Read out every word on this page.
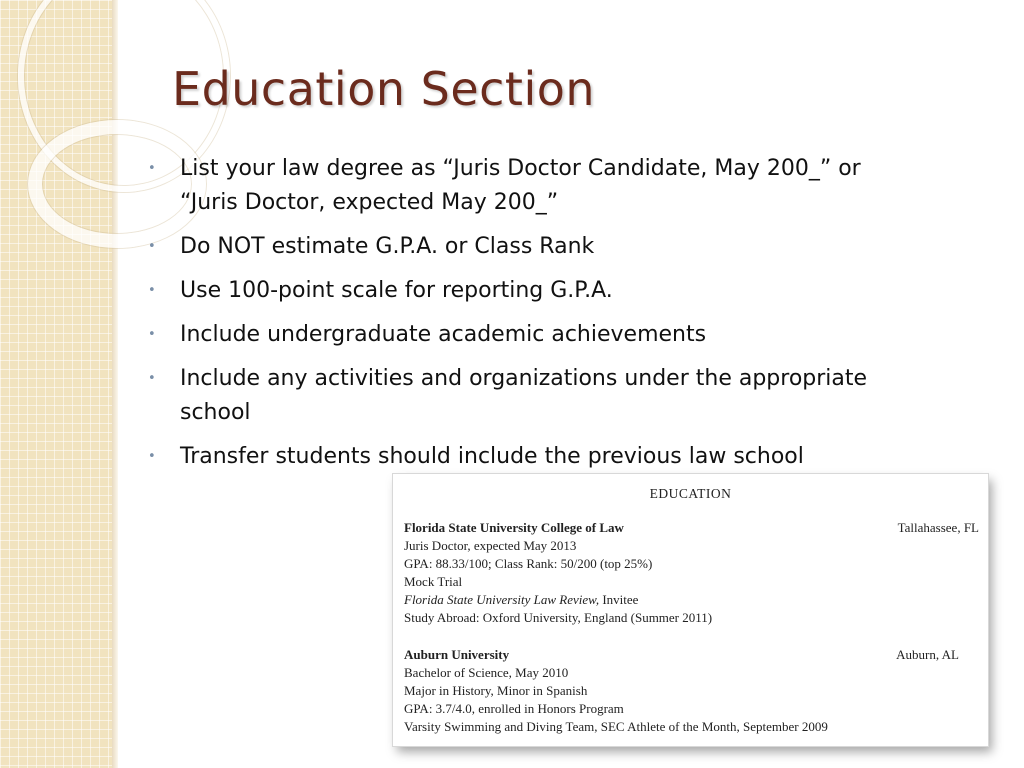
Education Section
• List your law degree as “Juris Doctor Candidate, May 200_” or “Juris Doctor, expected May 200_”
• Do NOT estimate G.P.A. or Class Rank
• Use 100-point scale for reporting G.P.A.
• Include undergraduate academic achievements
• Include any activities and organizations under the appropriate school
• Transfer students should include the previous law school
EDUCATION
Florida State University College of Law	Tallahassee, FL
Juris Doctor, expected May 2013
GPA: 88.33/100; Class Rank: 50/200 (top 25%)
Mock Trial
Florida State University Law Review, Invitee
Study Abroad: Oxford University, England (Summer 2011)
Auburn University	Auburn, AL
Bachelor of Science, May 2010
Major in History, Minor in Spanish
GPA: 3.7/4.0, enrolled in Honors Program
Varsity Swimming and Diving Team, SEC Athlete of the Month, September 2009
